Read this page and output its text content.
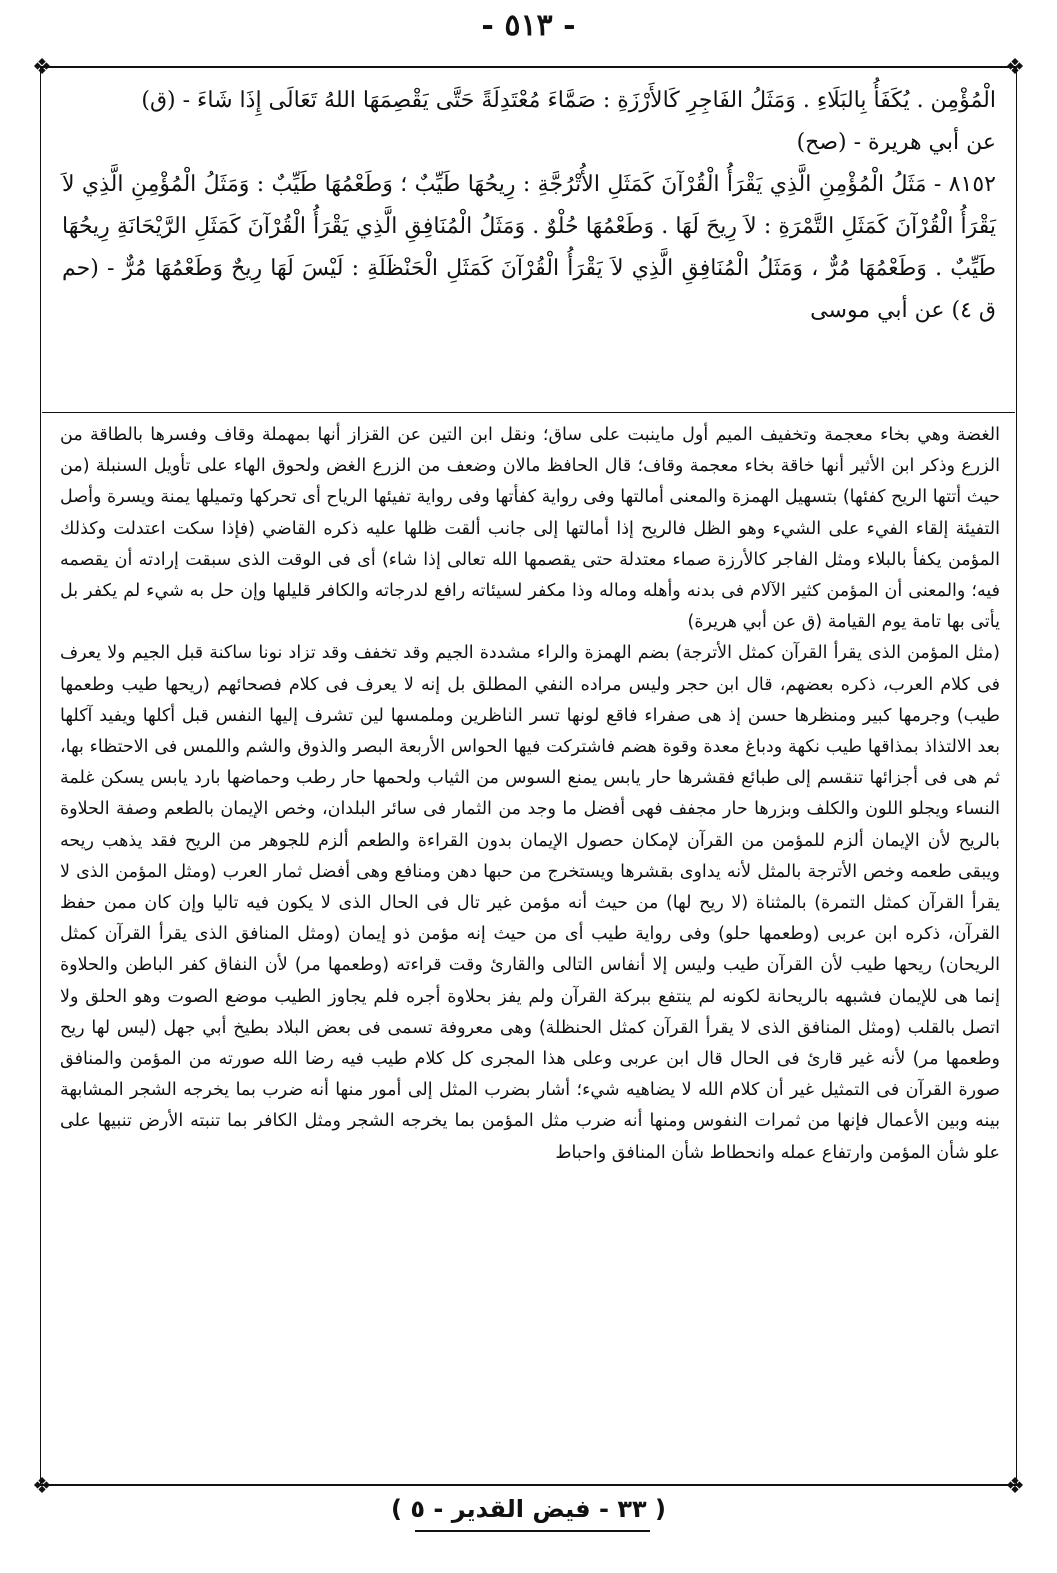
- ٥١٣ -
❖	❖
❖	❖

الْمُؤْمِن . يُكَفَأُ بِالبَلَاءِ . وَمَثَلُ الفَاجِرِ كَالأَرْزَةِ : صَمَّاءَ مُعْتَدِلَةً حَتَّى يَقْصِمَهَا اللهُ تَعَالَى إِذَا شَاءَ - (ق)

عن أبي هريرة - (صح)

٨١٥٢ - مَثَلُ الْمُؤْمِنِ الَّذِي يَقْرَأُ الْقُرْآنَ كَمَثَلِ الأُتْرُجَّةِ : رِيحُهَا طَيِّبٌ ؛ وَطَعْمُهَا طَيِّبٌ : وَمَثَلُ الْمُؤْمِنِ الَّذِي لاَ يَقْرَأُ الْقُرْآنَ كَمَثَلِ التَّمْرَةِ : لاَ رِيحَ لَهَا . وَطَعْمُهَا حُلْوٌ . وَمَثَلُ الْمُنَافِقِ الَّذِي يَقْرَأُ الْقُرْآنَ كَمَثَلِ الرَّيْحَانَةِ رِيحُهَا طَيِّبٌ . وَطَعْمُهَا مُرٌّ ، وَمَثَلُ الْمُنَافِقِ الَّذِي لاَ يَقْرَأُ الْقُرْآنَ كَمَثَلِ الْحَنْظَلَةِ : لَيْسَ لَهَا رِيحٌ وَطَعْمُهَا مُرٌّ - (حم ق ٤) عن أبي موسى

الغضة وهي بخاء معجمة وتخفيف الميم أول ماينبت على ساق؛ ونقل ابن التين عن القزاز أنها بمهملة وقاف وفسرها بالطاقة من الزرع وذكر ابن الأثير أنها خاقة بخاء معجمة وقاف؛ قال الحافظ مالان وضعف من الزرع الغض ولحوق الهاء على تأويل السنبلة (من حيث أتتها الريح كفئها) بتسهيل الهمزة والمعنى أمالتها وفى رواية كفأتها وفى رواية تفيئها الرياح أى تحركها وتميلها يمنة ويسرة وأصل التفيئة إلقاء الفيء على الشيء وهو الظل فالريح إذا أمالتها إلى جانب ألقت ظلها عليه ذكره القاضي (فإذا سكت اعتدلت وكذلك المؤمن يكفأ بالبلاء ومثل الفاجر كالأرزة صماء معتدلة حتى يقصمها الله تعالى إذا شاء) أى فى الوقت الذى سبقت إرادته أن يقصمه فيه؛ والمعنى أن المؤمن كثير الآلام فى بدنه وأهله وماله وذا مكفر لسيئاته رافع لدرجاته والكافر قليلها وإن حل به شيء لم يكفر بل يأتى بها تامة يوم القيامة (ق عن أبي هريرة)

(مثل المؤمن الذى يقرأ القرآن كمثل الأترجة) بضم الهمزة والراء مشددة الجيم وقد تخفف وقد تزاد نونا ساكنة قبل الجيم ولا يعرف فى كلام العرب، ذكره بعضهم، قال ابن حجر وليس مراده النفي المطلق بل إنه لا يعرف فى كلام فصحائهم (ريحها طيب وطعمها طيب) وجرمها كبير ومنظرها حسن إذ هى صفراء فاقع لونها تسر الناظرين وملمسها لين تشرف إليها النفس قبل أكلها ويفيد آكلها بعد الالتذاذ بمذاقها طيب نكهة ودباغ معدة وقوة هضم فاشتركت فيها الحواس الأربعة البصر والذوق والشم واللمس فى الاحتظاء بها، ثم هى فى أجزائها تنقسم إلى طبائع فقشرها حار يابس يمنع السوس من الثياب ولحمها حار رطب وحماضها بارد يابس يسكن غلمة النساء ويجلو اللون والكلف وبزرها حار مجفف فهى أفضل ما وجد من الثمار فى سائر البلدان، وخص الإيمان بالطعم وصفة الحلاوة بالريح لأن الإيمان ألزم للمؤمن من القرآن لإمكان حصول الإيمان بدون القراءة والطعم ألزم للجوهر من الريح فقد يذهب ريحه ويبقى طعمه وخص الأترجة بالمثل لأنه يداوى بقشرها ويستخرج من حبها دهن ومنافع وهى أفضل ثمار العرب (ومثل المؤمن الذى لا يقرأ القرآن كمثل التمرة) بالمثناة (لا ريح لها) من حيث أنه مؤمن غير تال فى الحال الذى لا يكون فيه تاليا وإن كان ممن حفظ القرآن، ذكره ابن عربى (وطعمها حلو) وفى رواية طيب أى من حيث إنه مؤمن ذو إيمان (ومثل المنافق الذى يقرأ القرآن كمثل الريحان) ريحها طيب لأن القرآن طيب وليس إلا أنفاس التالى والقارئ وقت قراءته (وطعمها مر) لأن النفاق كفر الباطن والحلاوة إنما هى للإيمان فشبهه بالريحانة لكونه لم ينتفع ببركة القرآن ولم يفز بحلاوة أجره فلم يجاوز الطيب موضع الصوت وهو الحلق ولا اتصل بالقلب (ومثل المنافق الذى لا يقرأ القرآن كمثل الحنظلة) وهى معروفة تسمى فى بعض البلاد بطيخ أبي جهل (ليس لها ريح وطعمها مر) لأنه غير قارئ فى الحال قال ابن عربى وعلى هذا المجرى كل كلام طيب فيه رضا الله صورته من المؤمن والمنافق صورة القرآن فى التمثيل غير أن كلام الله لا يضاهيه شيء؛ أشار بضرب المثل إلى أمور منها أنه ضرب بما يخرجه الشجر المشابهة بينه وبين الأعمال فإنها من ثمرات النفوس ومنها أنه ضرب مثل المؤمن بما يخرجه الشجر ومثل الكافر بما تنبته الأرض تنبيها على علو شأن المؤمن وارتفاع عمله وانحطاط شأن المنافق واحباط

( ٣٣ - فيض القدير - ٥ )
